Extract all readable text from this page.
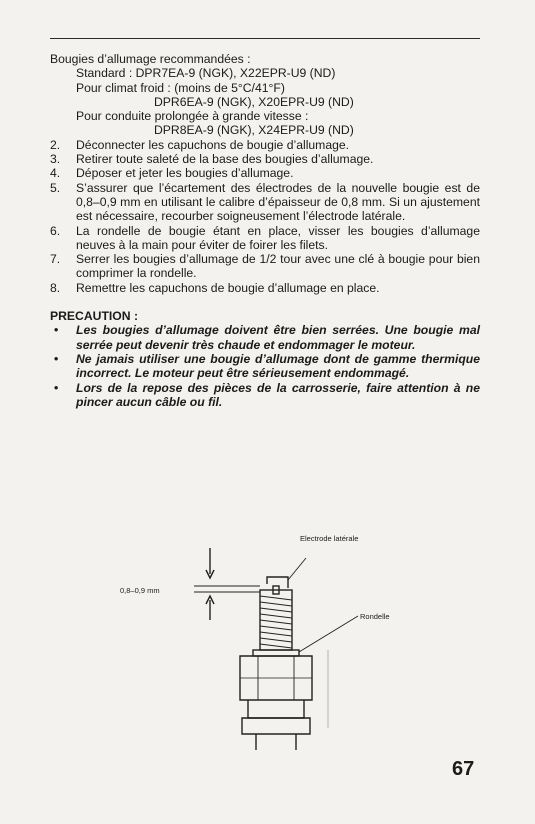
Bougies d’allumage recommandées :
Standard : DPR7EA-9 (NGK), X22EPR-U9 (ND)
Pour climat froid : (moins de 5°C/41°F)
DPR6EA-9 (NGK), X20EPR-U9 (ND)
Pour conduite prolongée à grande vitesse :
DPR8EA-9 (NGK), X24EPR-U9 (ND)
2.	Déconnecter les capuchons de bougie d’allumage.
3.	Retirer toute saleté de la base des bougies d’allumage.
4.	Déposer et jeter les bougies d’allumage.
5.	S’assurer que l’écartement des électrodes de la nouvelle bougie est de 0,8–0,9 mm en utilisant le calibre d’épaisseur de 0,8 mm. Si un ajustement est nécessaire, recourber soigneusement l’électrode latérale.
6.	La rondelle de bougie étant en place, visser les bougies d’allumage neuves à la main pour éviter de foirer les filets.
7.	Serrer les bougies d’allumage de 1/2 tour avec une clé à bougie pour bien comprimer la rondelle.
8.	Remettre les capuchons de bougie d’allumage en place.
PRECAUTION :
• Les bougies d’allumage doivent être bien serrées. Une bougie mal serrée peut devenir très chaude et endommager le moteur.
• Ne jamais utiliser une bougie d’allumage dont de gamme thermique incorrect. Le moteur peut être sérieusement endommagé.
• Lors de la repose des pièces de la carrosserie, faire attention à ne pincer aucun câble ou fil.
Electrode latérale
0,8–0,9 mm
Rondelle
67
